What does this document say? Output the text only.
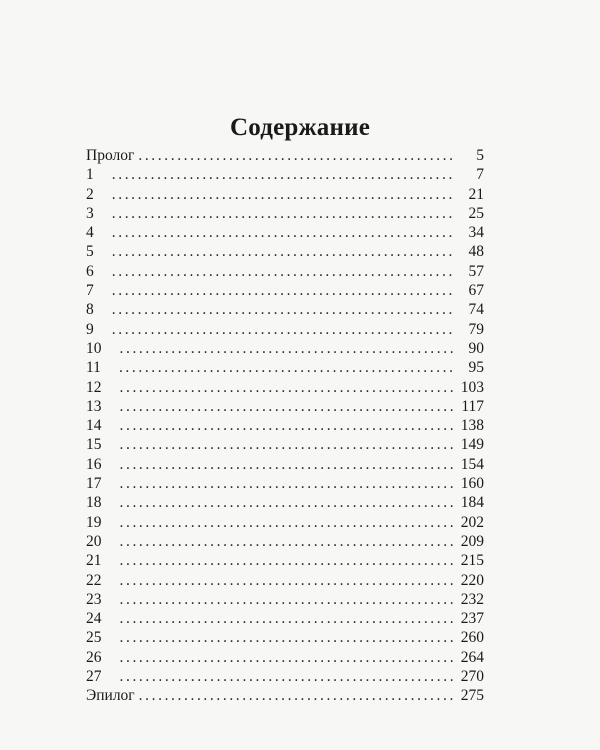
Содержание
Пролог .....	5
1 .....	7
2 .....	21
3 .....	25
4 .....	34
5 .....	48
6 .....	57
7 .....	67
8 .....	74
9 .....	79
10 .....	90
11 .....	95
12 .....	103
13 .....	117
14 .....	138
15 .....	149
16 .....	154
17 .....	160
18 .....	184
19 .....	202
20 .....	209
21 .....	215
22 .....	220
23 .....	232
24 .....	237
25 .....	260
26 .....	264
27 .....	270
Эпилог .....	275
